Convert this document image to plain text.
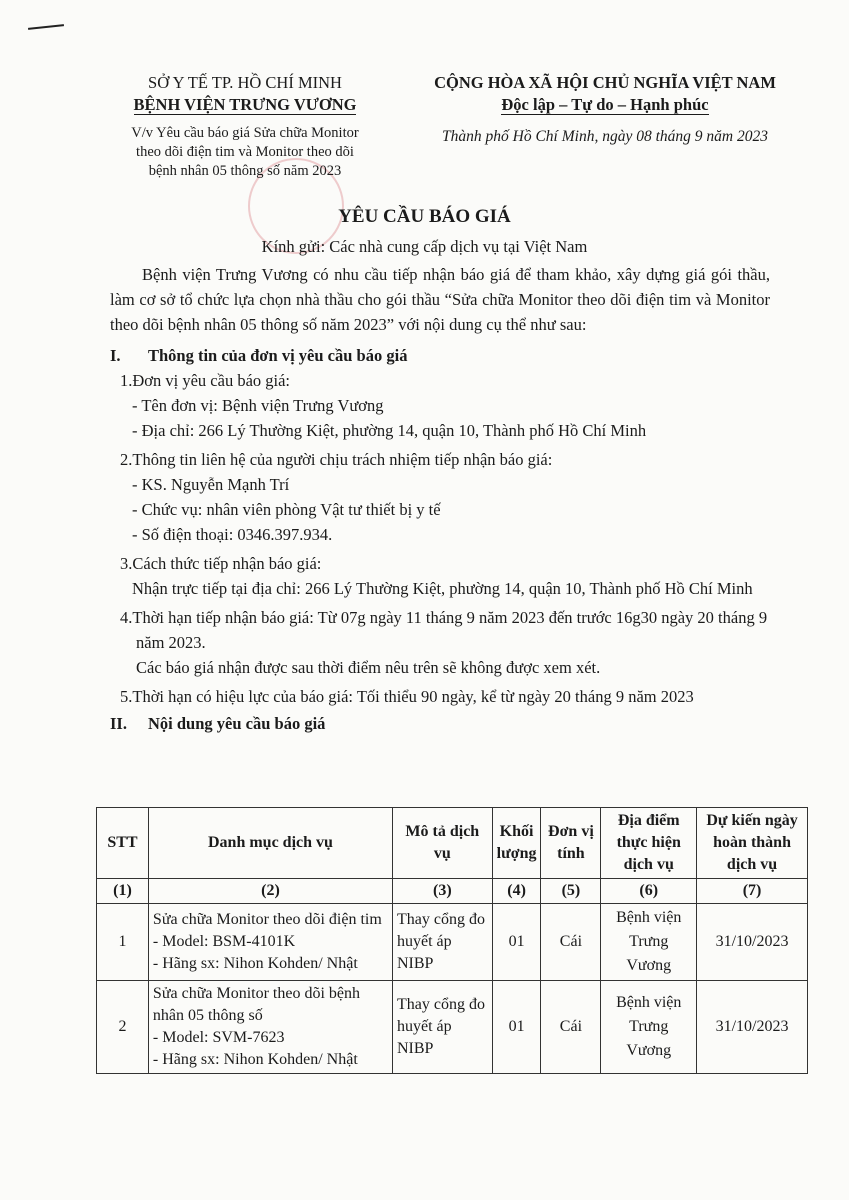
SỞ Y TẾ TP. HỒ CHÍ MINH
BỆNH VIỆN TRƯNG VƯƠNG
V/v Yêu cầu báo giá Sửa chữa Monitor
theo dõi điện tim và Monitor theo dõi
bệnh nhân 05 thông số năm 2023
CỘNG HÒA XÃ HỘI CHỦ NGHĨA VIỆT NAM
Độc lập – Tự do – Hạnh phúc
Thành phố Hồ Chí Minh, ngày 08 tháng 9 năm 2023
YÊU CẦU BÁO GIÁ
Kính gửi: Các nhà cung cấp dịch vụ tại Việt Nam

Bệnh viện Trưng Vương có nhu cầu tiếp nhận báo giá để tham khảo, xây dựng giá gói thầu, làm cơ sở tổ chức lựa chọn nhà thầu cho gói thầu “Sửa chữa Monitor theo dõi điện tim và Monitor theo dõi bệnh nhân 05 thông số năm 2023” với nội dung cụ thể như sau:

I. Thông tin của đơn vị yêu cầu báo giá
1.Đơn vị yêu cầu báo giá:
- Tên đơn vị: Bệnh viện Trưng Vương
- Địa chỉ: 266 Lý Thường Kiệt, phường 14, quận 10, Thành phố Hồ Chí Minh
2.Thông tin liên hệ của người chịu trách nhiệm tiếp nhận báo giá:
- KS. Nguyễn Mạnh Trí
- Chức vụ: nhân viên phòng Vật tư thiết bị y tế
- Số điện thoại: 0346.397.934.
3.Cách thức tiếp nhận báo giá:
Nhận trực tiếp tại địa chỉ: 266 Lý Thường Kiệt, phường 14, quận 10, Thành phố Hồ Chí Minh
4.Thời hạn tiếp nhận báo giá: Từ 07g ngày 11 tháng 9 năm 2023 đến trước 16g30 ngày 20 tháng 9 năm 2023.
Các báo giá nhận được sau thời điểm nêu trên sẽ không được xem xét.
5.Thời hạn có hiệu lực của báo giá: Tối thiểu 90 ngày, kể từ ngày 20 tháng 9 năm 2023
II. Nội dung yêu cầu báo giá
STT	Danh mục dịch vụ	Mô tả dịch vụ	Khối lượng	Đơn vị tính	Địa điểm thực hiện dịch vụ	Dự kiến ngày hoàn thành dịch vụ
(1)	(2)	(3)	(4)	(5)	(6)	(7)
1	Sửa chữa Monitor theo dõi điện tim
- Model: BSM-4101K
- Hãng sx: Nihon Kohden/ Nhật	Thay cổng đo huyết áp NIBP	01	Cái	Bệnh viện Trưng Vương	31/10/2023
2	Sửa chữa Monitor theo dõi bệnh nhân 05 thông số
- Model: SVM-7623
- Hãng sx: Nihon Kohden/ Nhật	Thay cổng đo huyết áp NIBP	01	Cái	Bệnh viện Trưng Vương	31/10/2023
